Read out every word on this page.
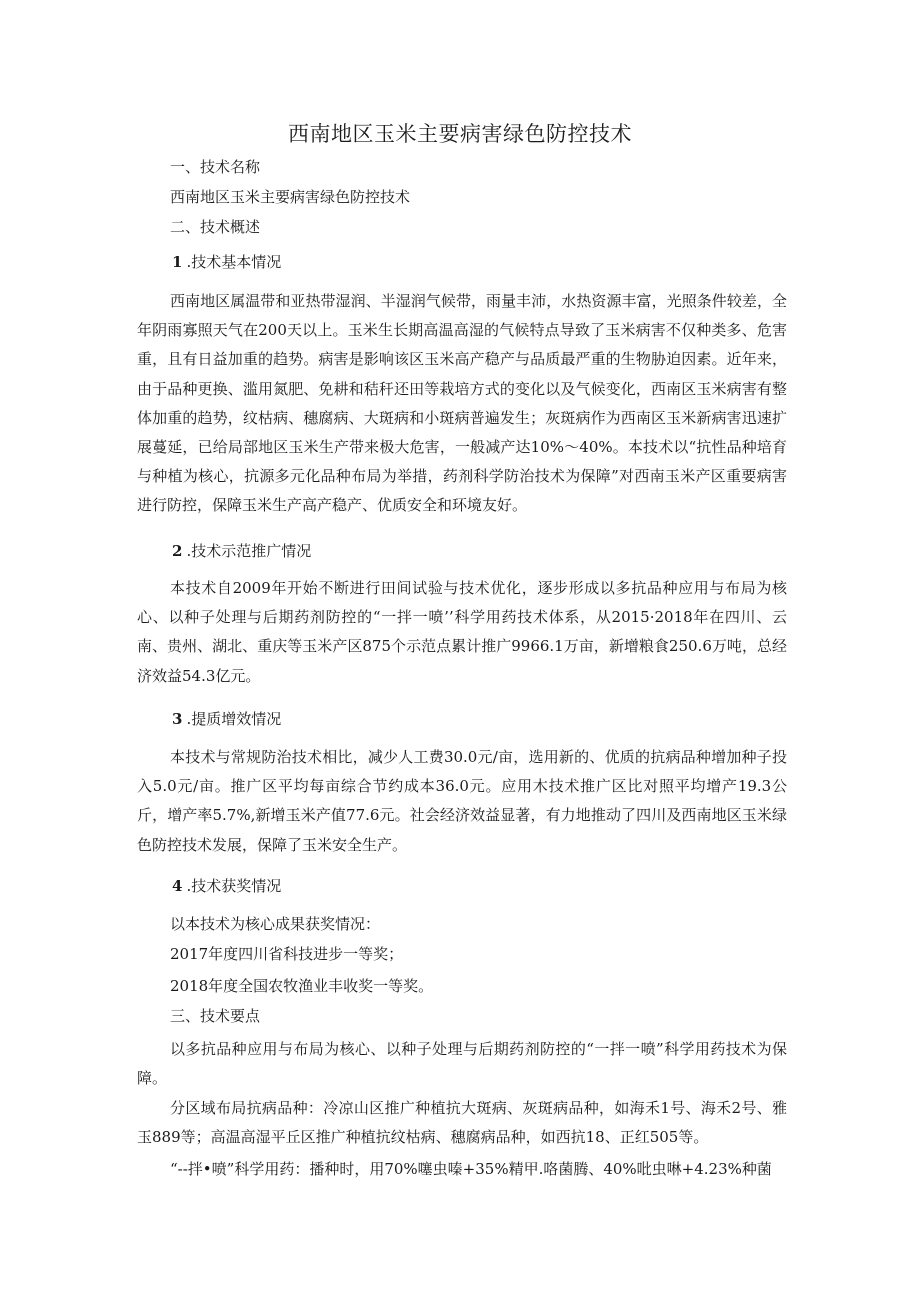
西南地区玉米主要病害绿色防控技术
一、技术名称
西南地区玉米主要病害绿色防控技术
二、技术概述
1 .技术基本情况
西南地区属温带和亚热带湿润、半湿润气候带，雨量丰沛，水热资源丰富，光照条件较差，全年阴雨寡照天气在200天以上。玉米生长期高温高湿的气候特点导致了玉米病害不仅种类多、危害重，且有日益加重的趋势。病害是影响该区玉米高产稳产与品质最严重的生物胁迫因素。近年来，由于品种更换、滥用氮肥、免耕和秸秆还田等栽培方式的变化以及气候变化，西南区玉米病害有整体加重的趋势，纹枯病、穗腐病、大斑病和小斑病普遍发生；灰斑病作为西南区玉米新病害迅速扩展蔓延，已给局部地区玉米生产带来极大危害，一般减产达10%～40%。本技术以“抗性品种培育与种植为核心，抗源多元化品种布局为举措，药剂科学防治技术为保障”对西南玉米产区重要病害进行防控，保障玉米生产高产稳产、优质安全和环境友好。
2 .技术示范推广情况
本技术自2009年开始不断进行田间试验与技术优化，逐步形成以多抗品种应用与布局为核心、以种子处理与后期药剂防控的“一拌一喷’’科学用药技术体系，从2015·2018年在四川、云南、贵州、湖北、重庆等玉米产区875个示范点累计推广9966.1万亩，新增粮食250.6万吨，总经济效益54.3亿元。
3 .提质增效情况
本技术与常规防治技术相比，减少人工费30.0元/亩，选用新的、优质的抗病品种增加种子投入5.0元/亩。推广区平均每亩综合节约成本36.0元。应用木技术推广区比对照平均增产19.3公斤，增产率5.7%,新增玉米产值77.6元。社会经济效益显著，有力地推动了四川及西南地区玉米绿色防控技术发展，保障了玉米安全生产。
4 .技术获奖情况
以本技术为核心成果获奖情况：
2017年度四川省科技进步一等奖；
2018年度全国农牧渔业丰收奖一等奖。
三、技术要点
以多抗品种应用与布局为核心、以种子处理与后期药剂防控的“一拌一喷”科学用药技术为保障。
分区域布局抗病品种：冷凉山区推广种植抗大斑病、灰斑病品种，如海禾1号、海禾2号、雅玉889等；高温高湿平丘区推广种植抗纹枯病、穗腐病品种，如西抗18、正红505等。
“--拌•喷”科学用药：播种时，用70%噻虫嗪+35%精甲.咯菌腾、40%吡虫啉+4.23%种菌
